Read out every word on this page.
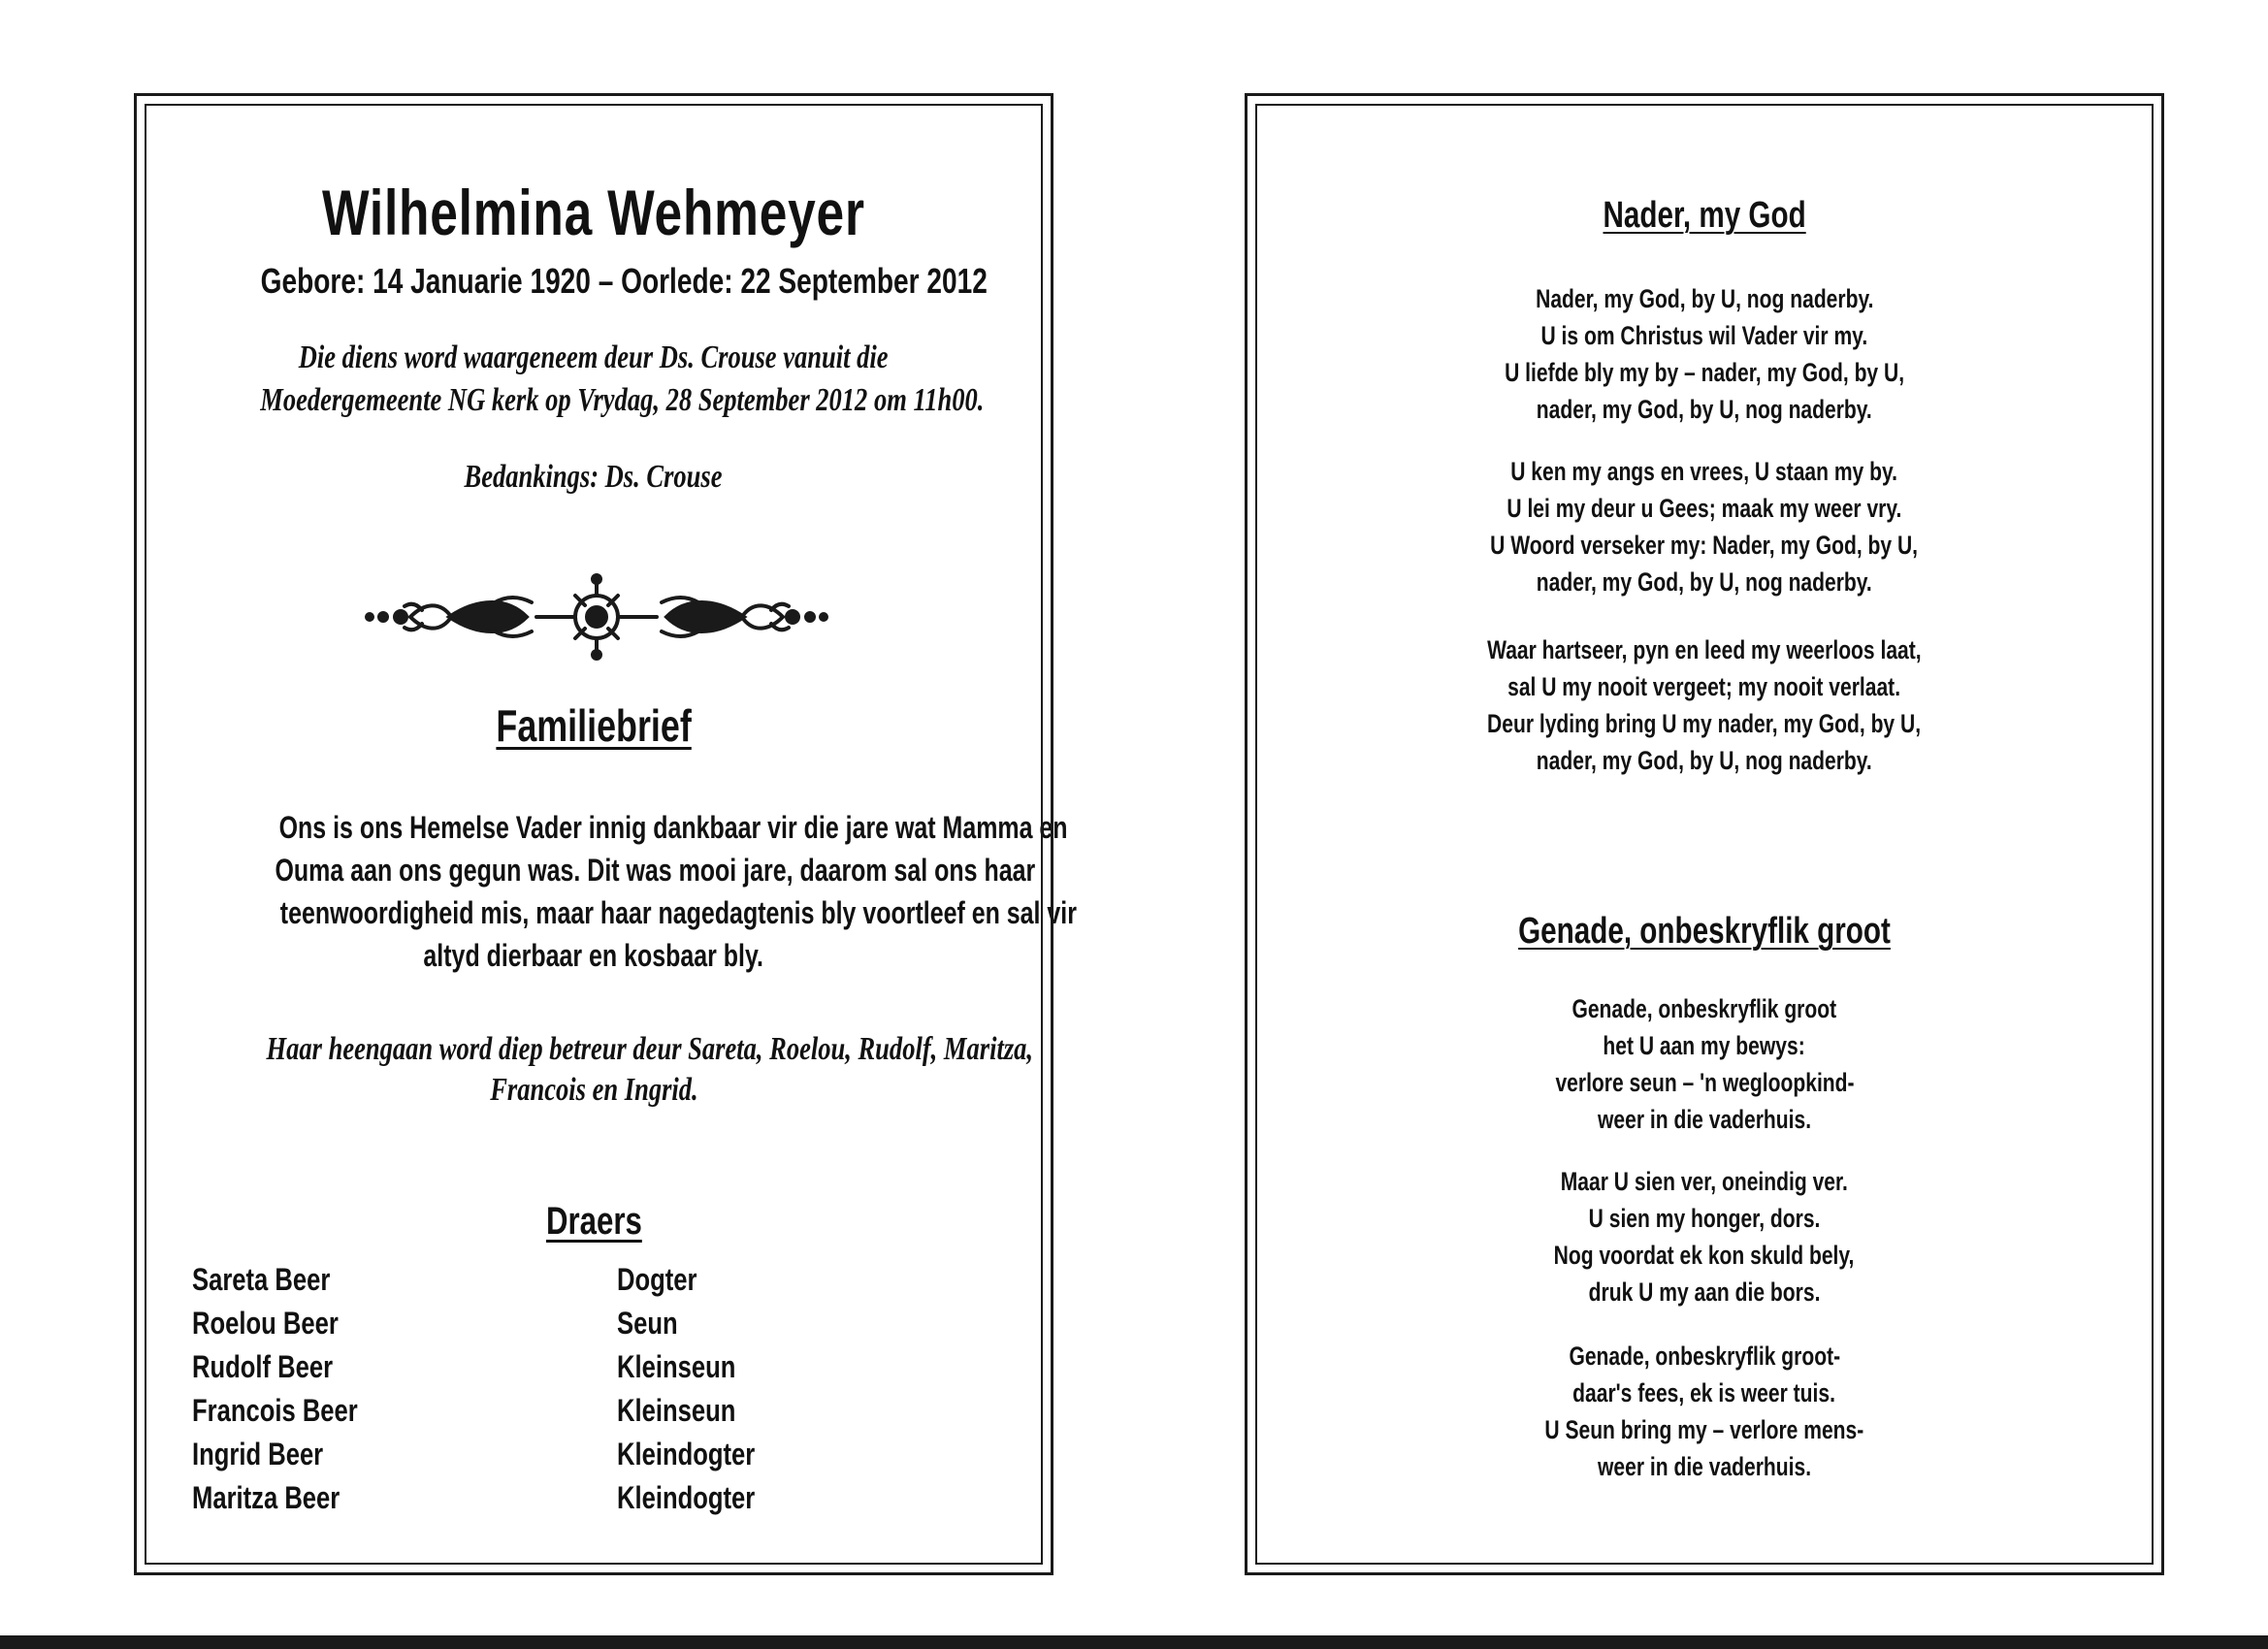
Wilhelmina Wehmeyer
Gebore: 14 Januarie 1920 – Oorlede: 22 September 2012
Die diens word waargeneem deur Ds. Crouse vanuit die
Moedergemeente NG kerk op Vrydag, 28 September 2012 om 11h00.
Bedankings: Ds. Crouse
Familiebrief
Ons is ons Hemelse Vader innig dankbaar vir die jare wat Mamma en
Ouma aan ons gegun was. Dit was mooi jare, daarom sal ons haar
teenwoordigheid mis, maar haar nagedagtenis bly voortleef en sal vir
altyd dierbaar en kosbaar bly.
Haar heengaan word diep betreur deur Sareta, Roelou, Rudolf, Maritza,
Francois en Ingrid.
Draers
Sareta Beer	Dogter
Roelou Beer	Seun
Rudolf Beer	Kleinseun
Francois Beer	Kleinseun
Ingrid Beer	Kleindogter
Maritza Beer	Kleindogter
Nader, my God
Nader, my God, by U, nog naderby.
U is om Christus wil Vader vir my.
U liefde bly my by – nader, my God, by U,
nader, my God, by U, nog naderby.
U ken my angs en vrees, U staan my by.
U lei my deur u Gees; maak my weer vry.
U Woord verseker my: Nader, my God, by U,
nader, my God, by U, nog naderby.
Waar hartseer, pyn en leed my weerloos laat,
sal U my nooit vergeet; my nooit verlaat.
Deur lyding bring U my nader, my God, by U,
nader, my God, by U, nog naderby.
Genade, onbeskryflik groot
Genade, onbeskryflik groot
het U aan my bewys:
verlore seun – 'n wegloopkind-
weer in die vaderhuis.
Maar U sien ver, oneindig ver.
U sien my honger, dors.
Nog voordat ek kon skuld bely,
druk U my aan die bors.
Genade, onbeskryflik groot-
daar's fees, ek is weer tuis.
U Seun bring my – verlore mens-
weer in die vaderhuis.
